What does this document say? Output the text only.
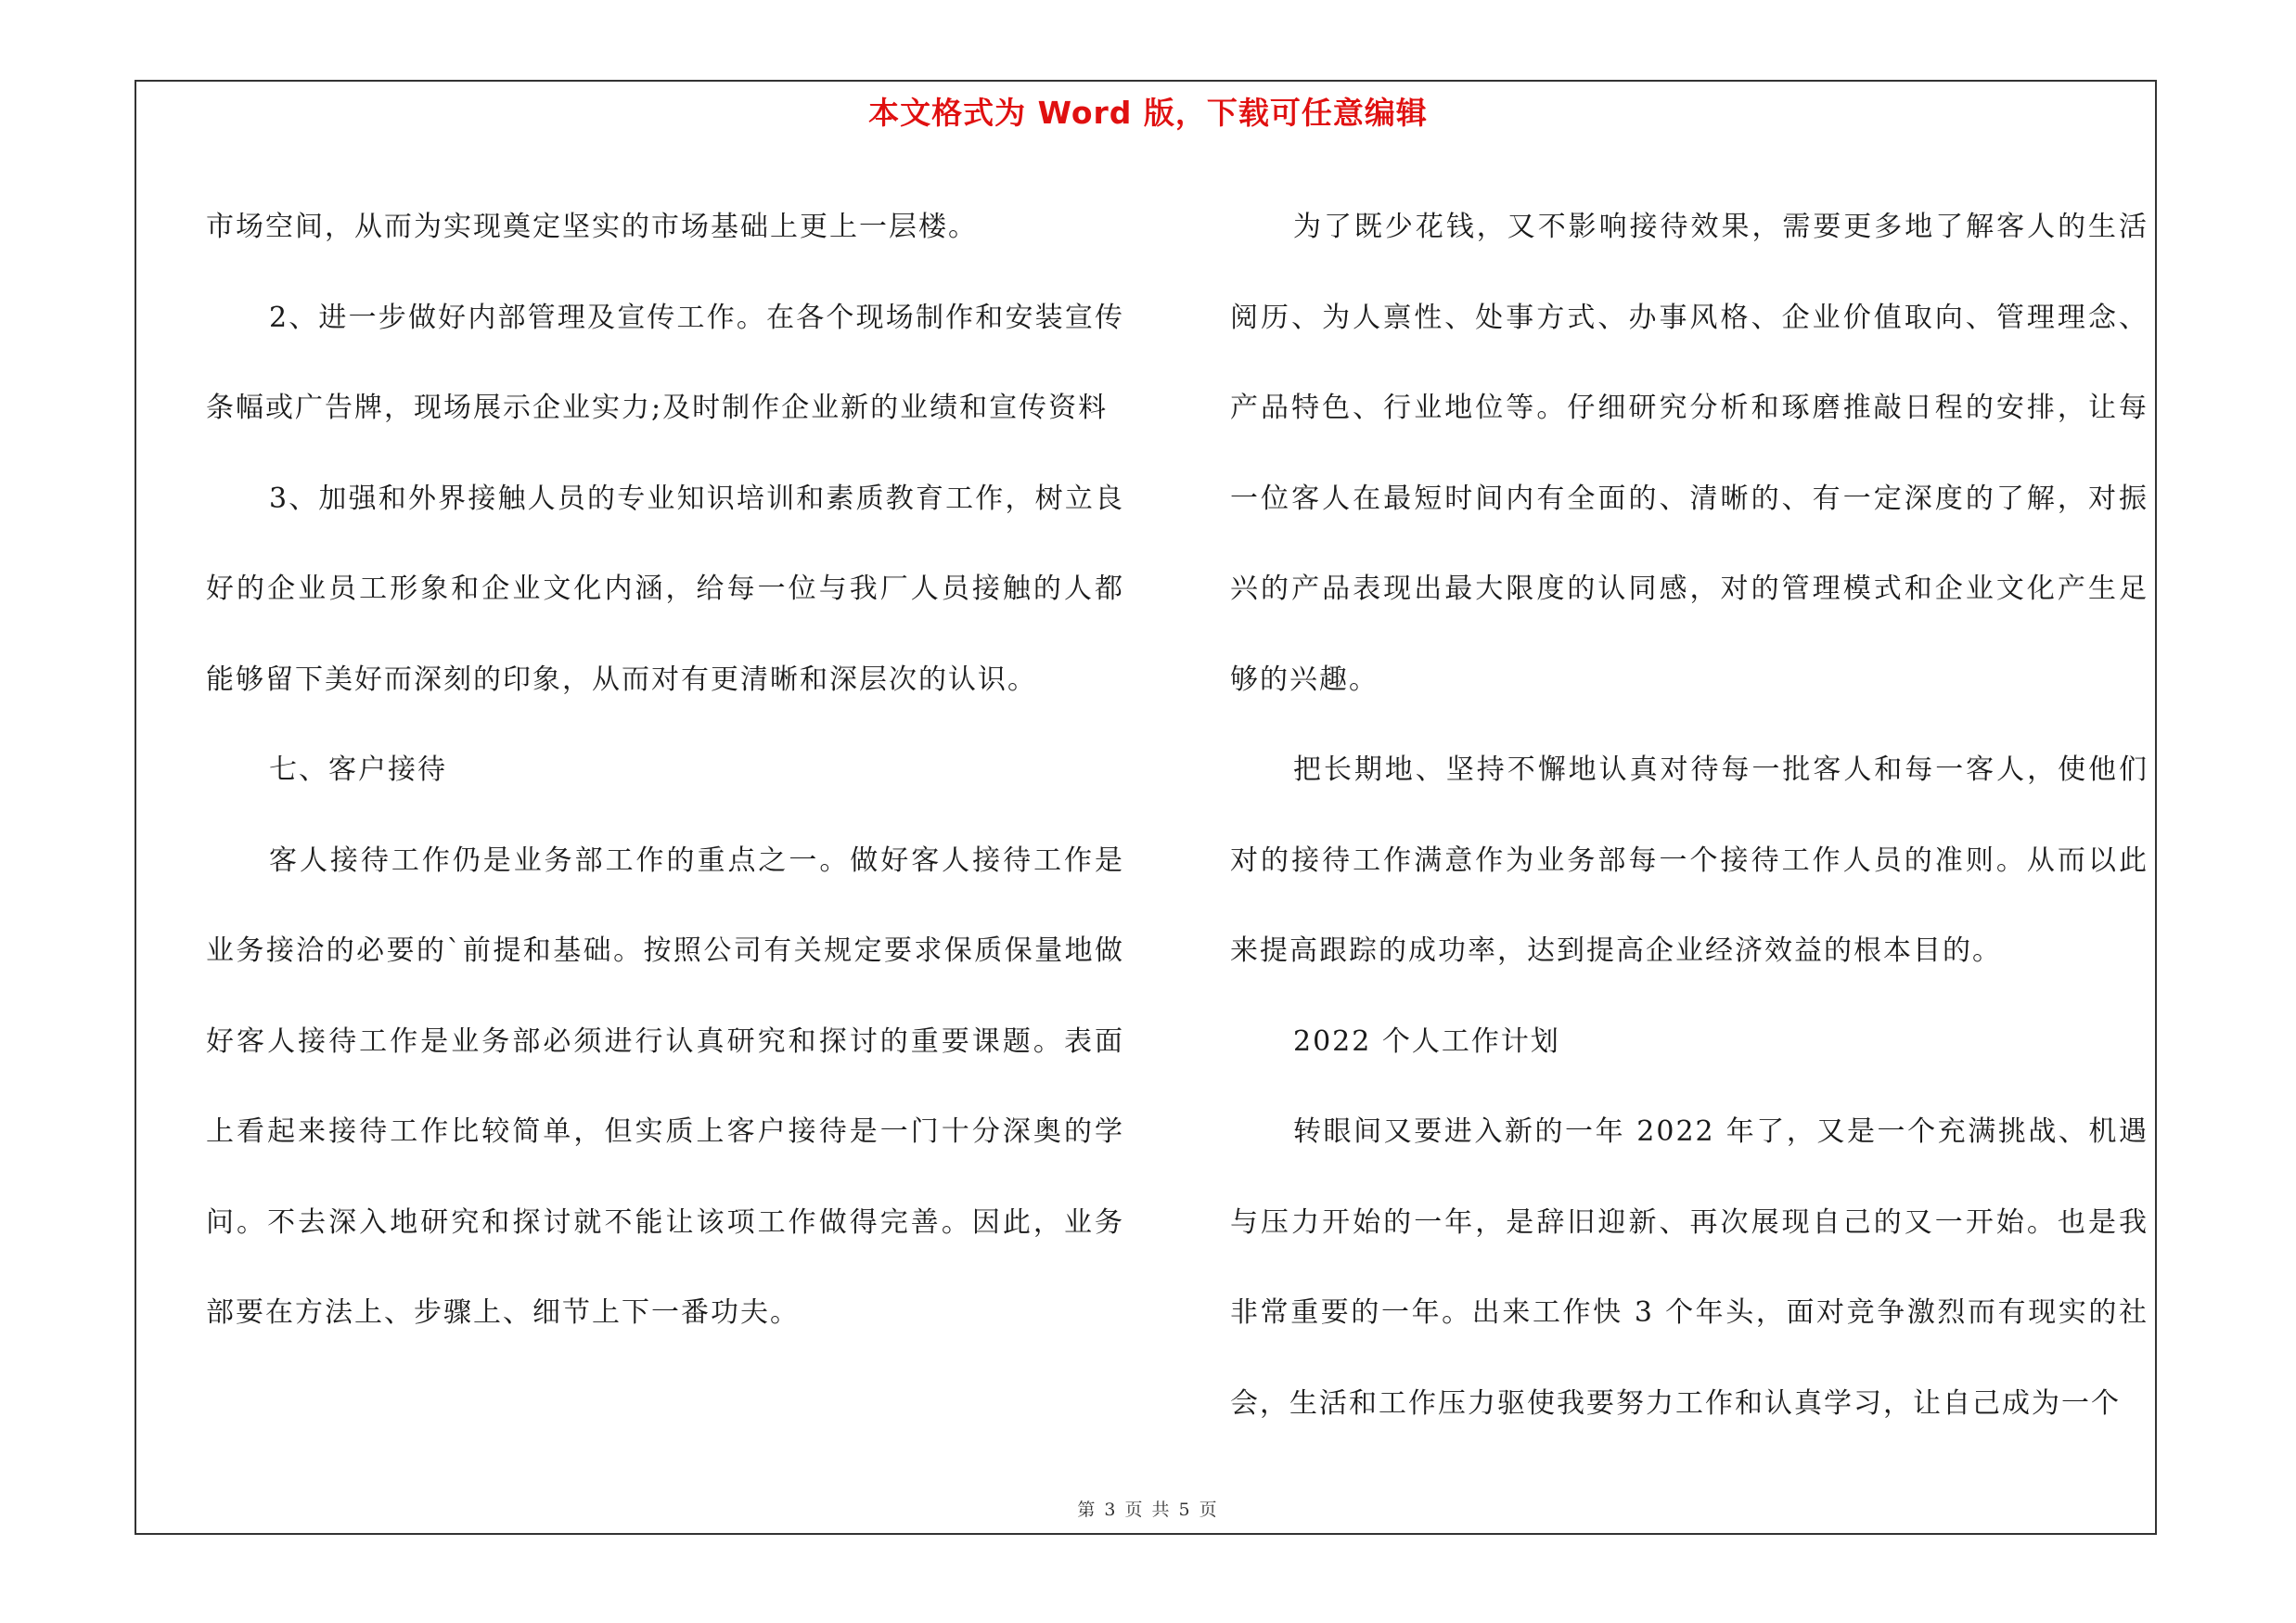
本文格式为 Word 版，下载可任意编辑

市场空间，从而为实现奠定坚实的市场基础上更上一层楼。

2、进一步做好内部管理及宣传工作。在各个现场制作和安装宣传条幅或广告牌，现场展示企业实力;及时制作企业新的业绩和宣传资料

3、加强和外界接触人员的专业知识培训和素质教育工作，树立良好的企业员工形象和企业文化内涵，给每一位与我厂人员接触的人都能够留下美好而深刻的印象，从而对有更清晰和深层次的认识。

七、客户接待

客人接待工作仍是业务部工作的重点之一。做好客人接待工作是业务接洽的必要的`前提和基础。按照公司有关规定要求保质保量地做好客人接待工作是业务部必须进行认真研究和探讨的重要课题。表面上看起来接待工作比较简单，但实质上客户接待是一门十分深奥的学问。不去深入地研究和探讨就不能让该项工作做得完善。因此，业务部要在方法上、步骤上、细节上下一番功夫。

为了既少花钱，又不影响接待效果，需要更多地了解客人的生活阅历、为人禀性、处事方式、办事风格、企业价值取向、管理理念、产品特色、行业地位等。仔细研究分析和琢磨推敲日程的安排，让每一位客人在最短时间内有全面的、清晰的、有一定深度的了解，对振兴的产品表现出最大限度的认同感，对的管理模式和企业文化产生足够的兴趣。

把长期地、坚持不懈地认真对待每一批客人和每一客人，使他们对的接待工作满意作为业务部每一个接待工作人员的准则。从而以此来提高跟踪的成功率，达到提高企业经济效益的根本目的。

2022 个人工作计划

转眼间又要进入新的一年 2022 年了，又是一个充满挑战、机遇与压力开始的一年，是辞旧迎新、再次展现自己的又一开始。也是我非常重要的一年。出来工作快 3 个年头，面对竞争激烈而有现实的社会，生活和工作压力驱使我要努力工作和认真学习，让自己成为一个

第 3 页 共 5 页
